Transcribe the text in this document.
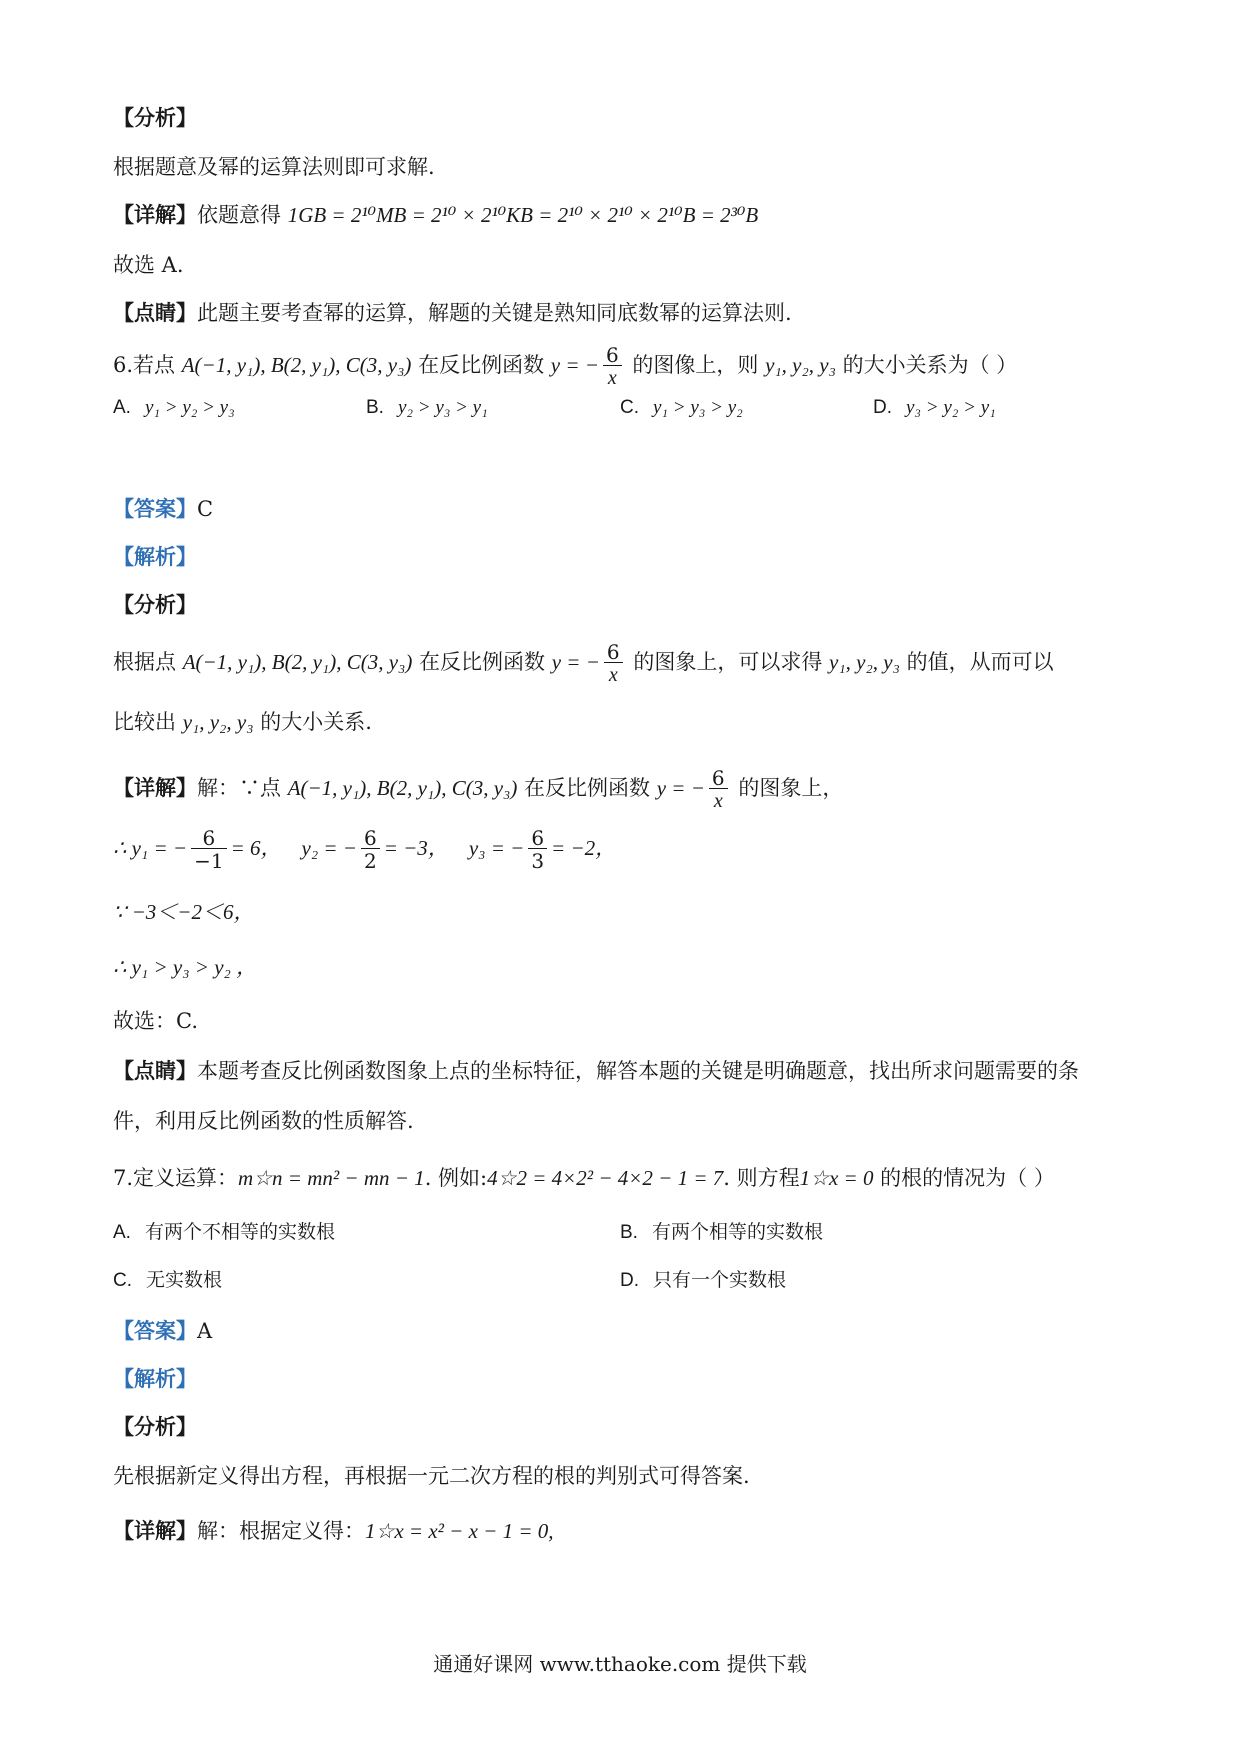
【分析】
根据题意及幂的运算法则即可求解.
【详解】依题意得 1GB = 2¹⁰MB = 2¹⁰ × 2¹⁰KB = 2¹⁰ × 2¹⁰ × 2¹⁰B = 2³⁰B
故选 A.
【点睛】此题主要考查幂的运算，解题的关键是熟知同底数幂的运算法则.
6.若点 A(−1, y₁), B(2, y₁), C(3, y₃) 在反比例函数 y = − $\frac{6}{x}$ 的图像上，则 y₁, y₂, y₃ 的大小关系为（ ）
A. y₁ > y₂ > y₃	B. y₂ > y₃ > y₁	C. y₁ > y₃ > y₂	D. y₃ > y₂ > y₁
【答案】C
【解析】
【分析】
根据点 A(−1, y₁), B(2, y₁), C(3, y₃) 在反比例函数 y = − $\frac{6}{x}$ 的图象上，可以求得 y₁, y₂, y₃ 的值，从而可以
比较出 y₁, y₂, y₃ 的大小关系.
【详解】解：∵点 A(−1, y₁), B(2, y₁), C(3, y₃) 在反比例函数 y = − $\frac{6}{x}$ 的图象上，
∴ y₁ = − $\frac{6}{-1} = 6$， y₂ = − $\frac{6}{2} = -3$， y₃ = − $\frac{6}{3} = -2$，
∵ −3＜−2＜6，
∴ y₁ > y₃ > y₂ ，
故选：C.
【点睛】本题考查反比例函数图象上点的坐标特征，解答本题的关键是明确题意，找出所求问题需要的条
件，利用反比例函数的性质解答.
7.定义运算：m☆n = mn² − mn − 1. 例如:4☆2 = 4×2² − 4×2 − 1 = 7. 则方程1☆x = 0 的根的情况为（ ）
A. 有两个不相等的实数根	B. 有两个相等的实数根
C. 无实数根	D. 只有一个实数根
【答案】A
【解析】
【分析】
先根据新定义得出方程，再根据一元二次方程的根的判别式可得答案.
【详解】解：根据定义得：1☆x = x² − x − 1 = 0,
通通好课网 www.tthaoke.com 提供下载
